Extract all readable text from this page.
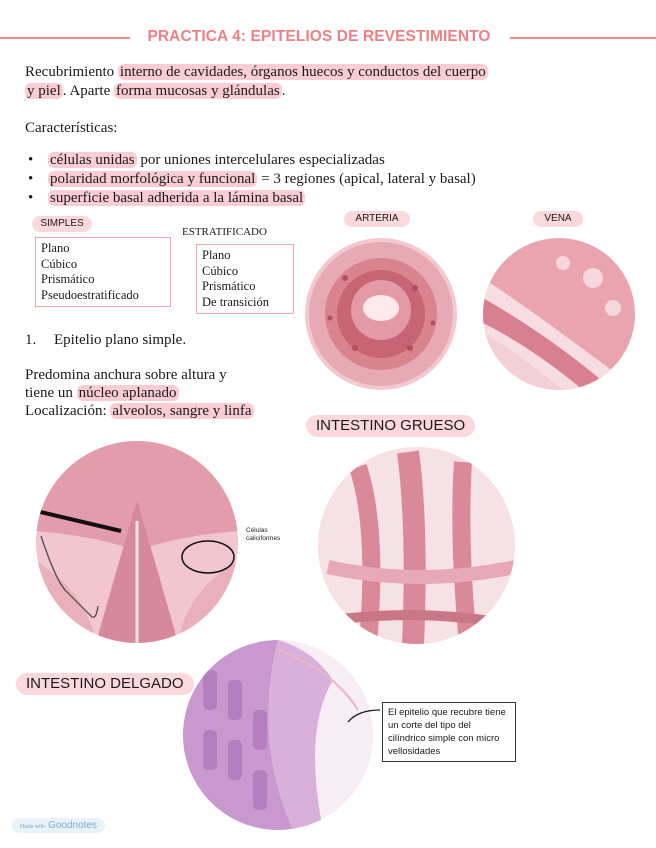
PRACTICA 4: EPITELIOS DE REVESTIMIENTO
Recubrimiento interno de cavidades, órganos huecos y conductos del cuerpo
y piel . Aparte forma mucosas y glándulas .
Características:
• células unidas por uniones intercelulares especializadas
• polaridad morfológica y funcional = 3 regiones (apical, lateral y basal)
• superficie basal adherida a la lámina basal
SIMPLES
Plano
Cúbico
Prismático
Pseudoestratificado
ESTRATIFICADO
Plano
Cúbico
Prismático
De transición
ARTERIA	VENA
1. Epitelio plano simple.
Predomina anchura sobre altura y
tiene un núcleo aplanado
Localización: alveolos, sangre y linfa
INTESTINO GRUESO
Células caliciformes
INTESTINO DELGADO
El epitelio que recubre tiene un corte del tipo del cilíndrico simple con micro vellosidades
Made with Goodnotes
